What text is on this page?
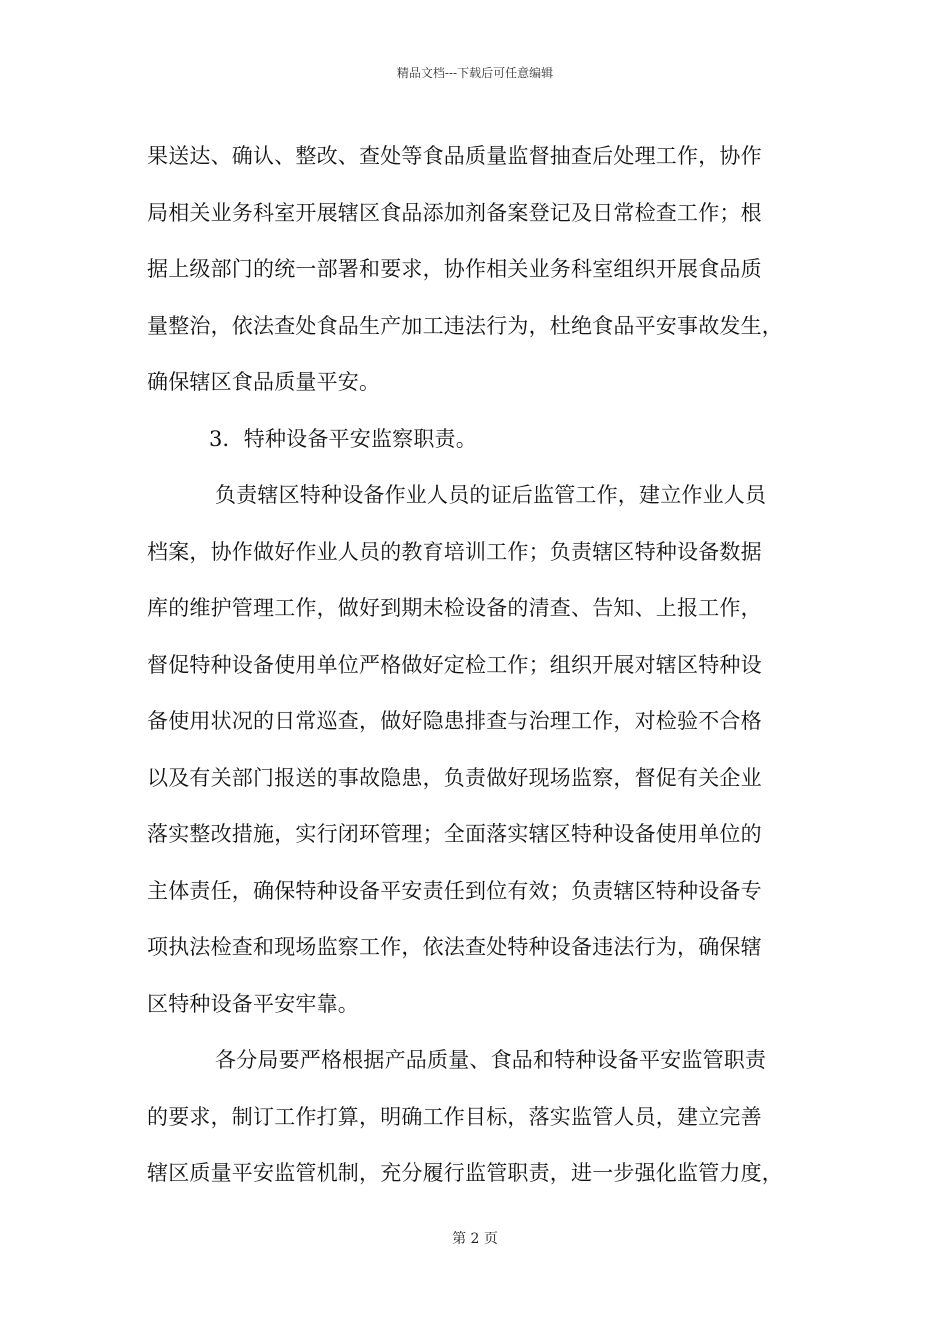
精品文档---下载后可任意编辑
果送达、确认、整改、查处等食品质量监督抽查后处理工作，协作
局相关业务科室开展辖区食品添加剂备案登记及日常检查工作；根
据上级部门的统一部署和要求，协作相关业务科室组织开展食品质
量整治，依法查处食品生产加工违法行为，杜绝食品平安事故发生，
确保辖区食品质量平安。
3．特种设备平安监察职责。
负责辖区特种设备作业人员的证后监管工作，建立作业人员
档案，协作做好作业人员的教育培训工作；负责辖区特种设备数据
库的维护管理工作，做好到期未检设备的清查、告知、上报工作，
督促特种设备使用单位严格做好定检工作；组织开展对辖区特种设
备使用状况的日常巡查，做好隐患排查与治理工作，对检验不合格
以及有关部门报送的事故隐患，负责做好现场监察，督促有关企业
落实整改措施，实行闭环管理；全面落实辖区特种设备使用单位的
主体责任，确保特种设备平安责任到位有效；负责辖区特种设备专
项执法检查和现场监察工作，依法查处特种设备违法行为，确保辖
区特种设备平安牢靠。
各分局要严格根据产品质量、食品和特种设备平安监管职责
的要求，制订工作打算，明确工作目标，落实监管人员，建立完善
辖区质量平安监管机制，充分履行监管职责，进一步强化监管力度，
第 2 页
